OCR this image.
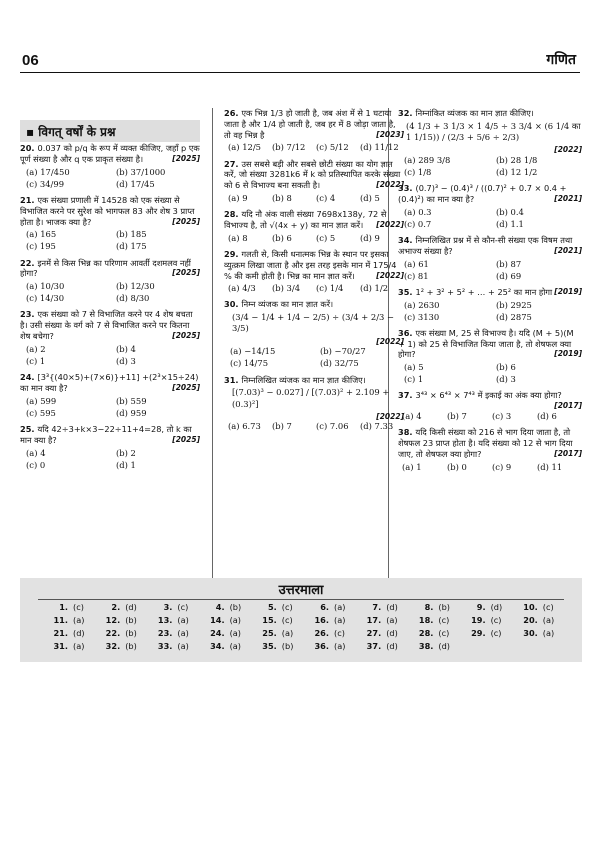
06	गणित
▪ विगत् वर्षों के प्रश्न
20. 0.037 को p/q के रूप में व्यक्त कीजिए, जहाँ p एक पूर्ण संख्या है और q एक प्राकृत संख्या है।	[2025]
(a) 17/450	(b) 37/1000
(c) 34/99	(d) 17/45
21. एक संख्या प्रणाली में 14528 को एक संख्या से विभाजित करने पर सुरेश को भागफल 83 और शेष 3 प्राप्त होता है। भाजक क्या है?	[2025]
(a) 165	(b) 185
(c) 195	(d) 175
22. इनमें से किस भिन्न का परिणाम आवर्ती दशमलव नहीं होगा?	[2025]
(a) 10/30	(b) 12/30
(c) 14/30	(d) 8/30
23. एक संख्या को 7 से विभाजित करने पर 4 शेष बचता है। उसी संख्या के वर्ग को 7 से विभाजित करने पर कितना शेष बचेगा?	[2025]
(a) 2	(b) 4
(c) 1	(d) 3
24. [3³{(40×5)+(7×6)}+11] +(2³×15÷24) का मान क्या है?	[2025]
(a) 599	(b) 559
(c) 595	(d) 959
25. यदि 42÷3+k×3−22÷11+4=28, तो k का मान क्या है?	[2025]
(a) 4	(b) 2
(c) 0	(d) 1
26. एक भिन्न 1/3 हो जाती है, जब अंश में से 1 घटाया जाता है और 1/4 हो जाती है, जब हर में 8 जोड़ा जाता है, तो वह भिन्न है	[2023]
(a) 12/5	(b) 7/12	(c) 5/12	(d) 11/12
27. उस सबसे बड़ी और सबसे छोटी संख्या का योग ज्ञात करें, जो संख्या 3281k6 में k को प्रतिस्थापित करके संख्या को 6 से विभाज्य बना सकती है।	[2022]
(a) 9	(b) 8	(c) 4	(d) 5
28. यदि नौ अंक वाली संख्या 7698x138y, 72 से विभाज्य है, तो √(4x + y) का मान ज्ञात करें। [2022]
(a) 8	(b) 6	(c) 5	(d) 9
29. गलती से, किसी धनात्मक भिन्न के स्थान पर इसका व्युत्क्रम लिखा जाता है और इस तरह इसके मान में 175/4 % की कमी होती है। भिन्न का मान ज्ञात करें।	[2022]
(a) 4/3	(b) 3/4	(c) 1/4	(d) 1/2
30. निम्न व्यंजक का मान ज्ञात करें।
(3/4 − 1/4 + 1/4 − 2/5) ÷ (3/4 + 2/3 − 3/5)
[2022]
(a) −14/15	(b) −70/27
(c) 14/75	(d) 32/75
31. निम्नलिखित व्यंजक का मान ज्ञात कीजिए।
[(7.03)³ − 0.027] / [(7.03)² + 2.109 + (0.3)²]
[2022]
(a) 6.73	(b) 7	(c) 7.06	(d) 7.33
32. निम्नांकित व्यंजक का मान ज्ञात कीजिए।
(4 1/3 + 3 1/3 × 1 4/5 ÷ 3 3/4 × (6 1/4 का 1 1/15)) / (2/3 + 5/6 ÷ 2/3)
[2022]
(a) 289 3/8	(b) 28 1/8
(c) 1/8	(d) 12 1/2
33. (0.7)³ − (0.4)³ / ((0.7)² + 0.7 × 0.4 + (0.4)²) का मान क्या है?	[2021]
(a) 0.3	(b) 0.4
(c) 0.7	(d) 1.1
34. निम्नलिखित प्रश्न में से कौन-सी संख्या एक विषम तथा अभाज्य संख्या है?	[2021]
(a) 61	(b) 87
(c) 81	(d) 69
35. 1² + 3² + 5² + … + 25² का मान होगा [2019]
(a) 2630	(b) 2925
(c) 3130	(d) 2875
36. एक संख्या M, 25 से विभाज्य है। यदि (M + 5)(M + 1) को 25 से विभाजित किया जाता है, तो शेषफल क्या होगा?	[2019]
(a) 5	(b) 6
(c) 1	(d) 3
37. 3⁴³ × 6⁴³ × 7⁴³ में इकाई का अंक क्या होगा?
[2017]
(a) 4	(b) 7	(c) 3	(d) 6
38. यदि किसी संख्या को 216 से भाग दिया जाता है, तो शेषफल 23 प्राप्त होता है। यदि संख्या को 12 से भाग दिया जाए, तो शेषफल क्या होगा?	[2017]
(a) 1	(b) 0	(c) 9	(d) 11
उत्तरमाला
1. (c)	2. (d)	3. (c)	4. (b)	5. (c)	6. (a)	7. (d)	8. (b)	9. (d)	10. (c)
11. (a)	12. (b)	13. (a)	14. (a)	15. (c)	16. (a)	17. (a)	18. (c)	19. (c)	20. (a)
21. (d)	22. (b)	23. (a)	24. (a)	25. (a)	26. (c)	27. (d)	28. (c)	29. (c)	30. (a)
31. (a)	32. (b)	33. (a)	34. (a)	35. (b)	36. (a)	37. (d)	38. (d)
